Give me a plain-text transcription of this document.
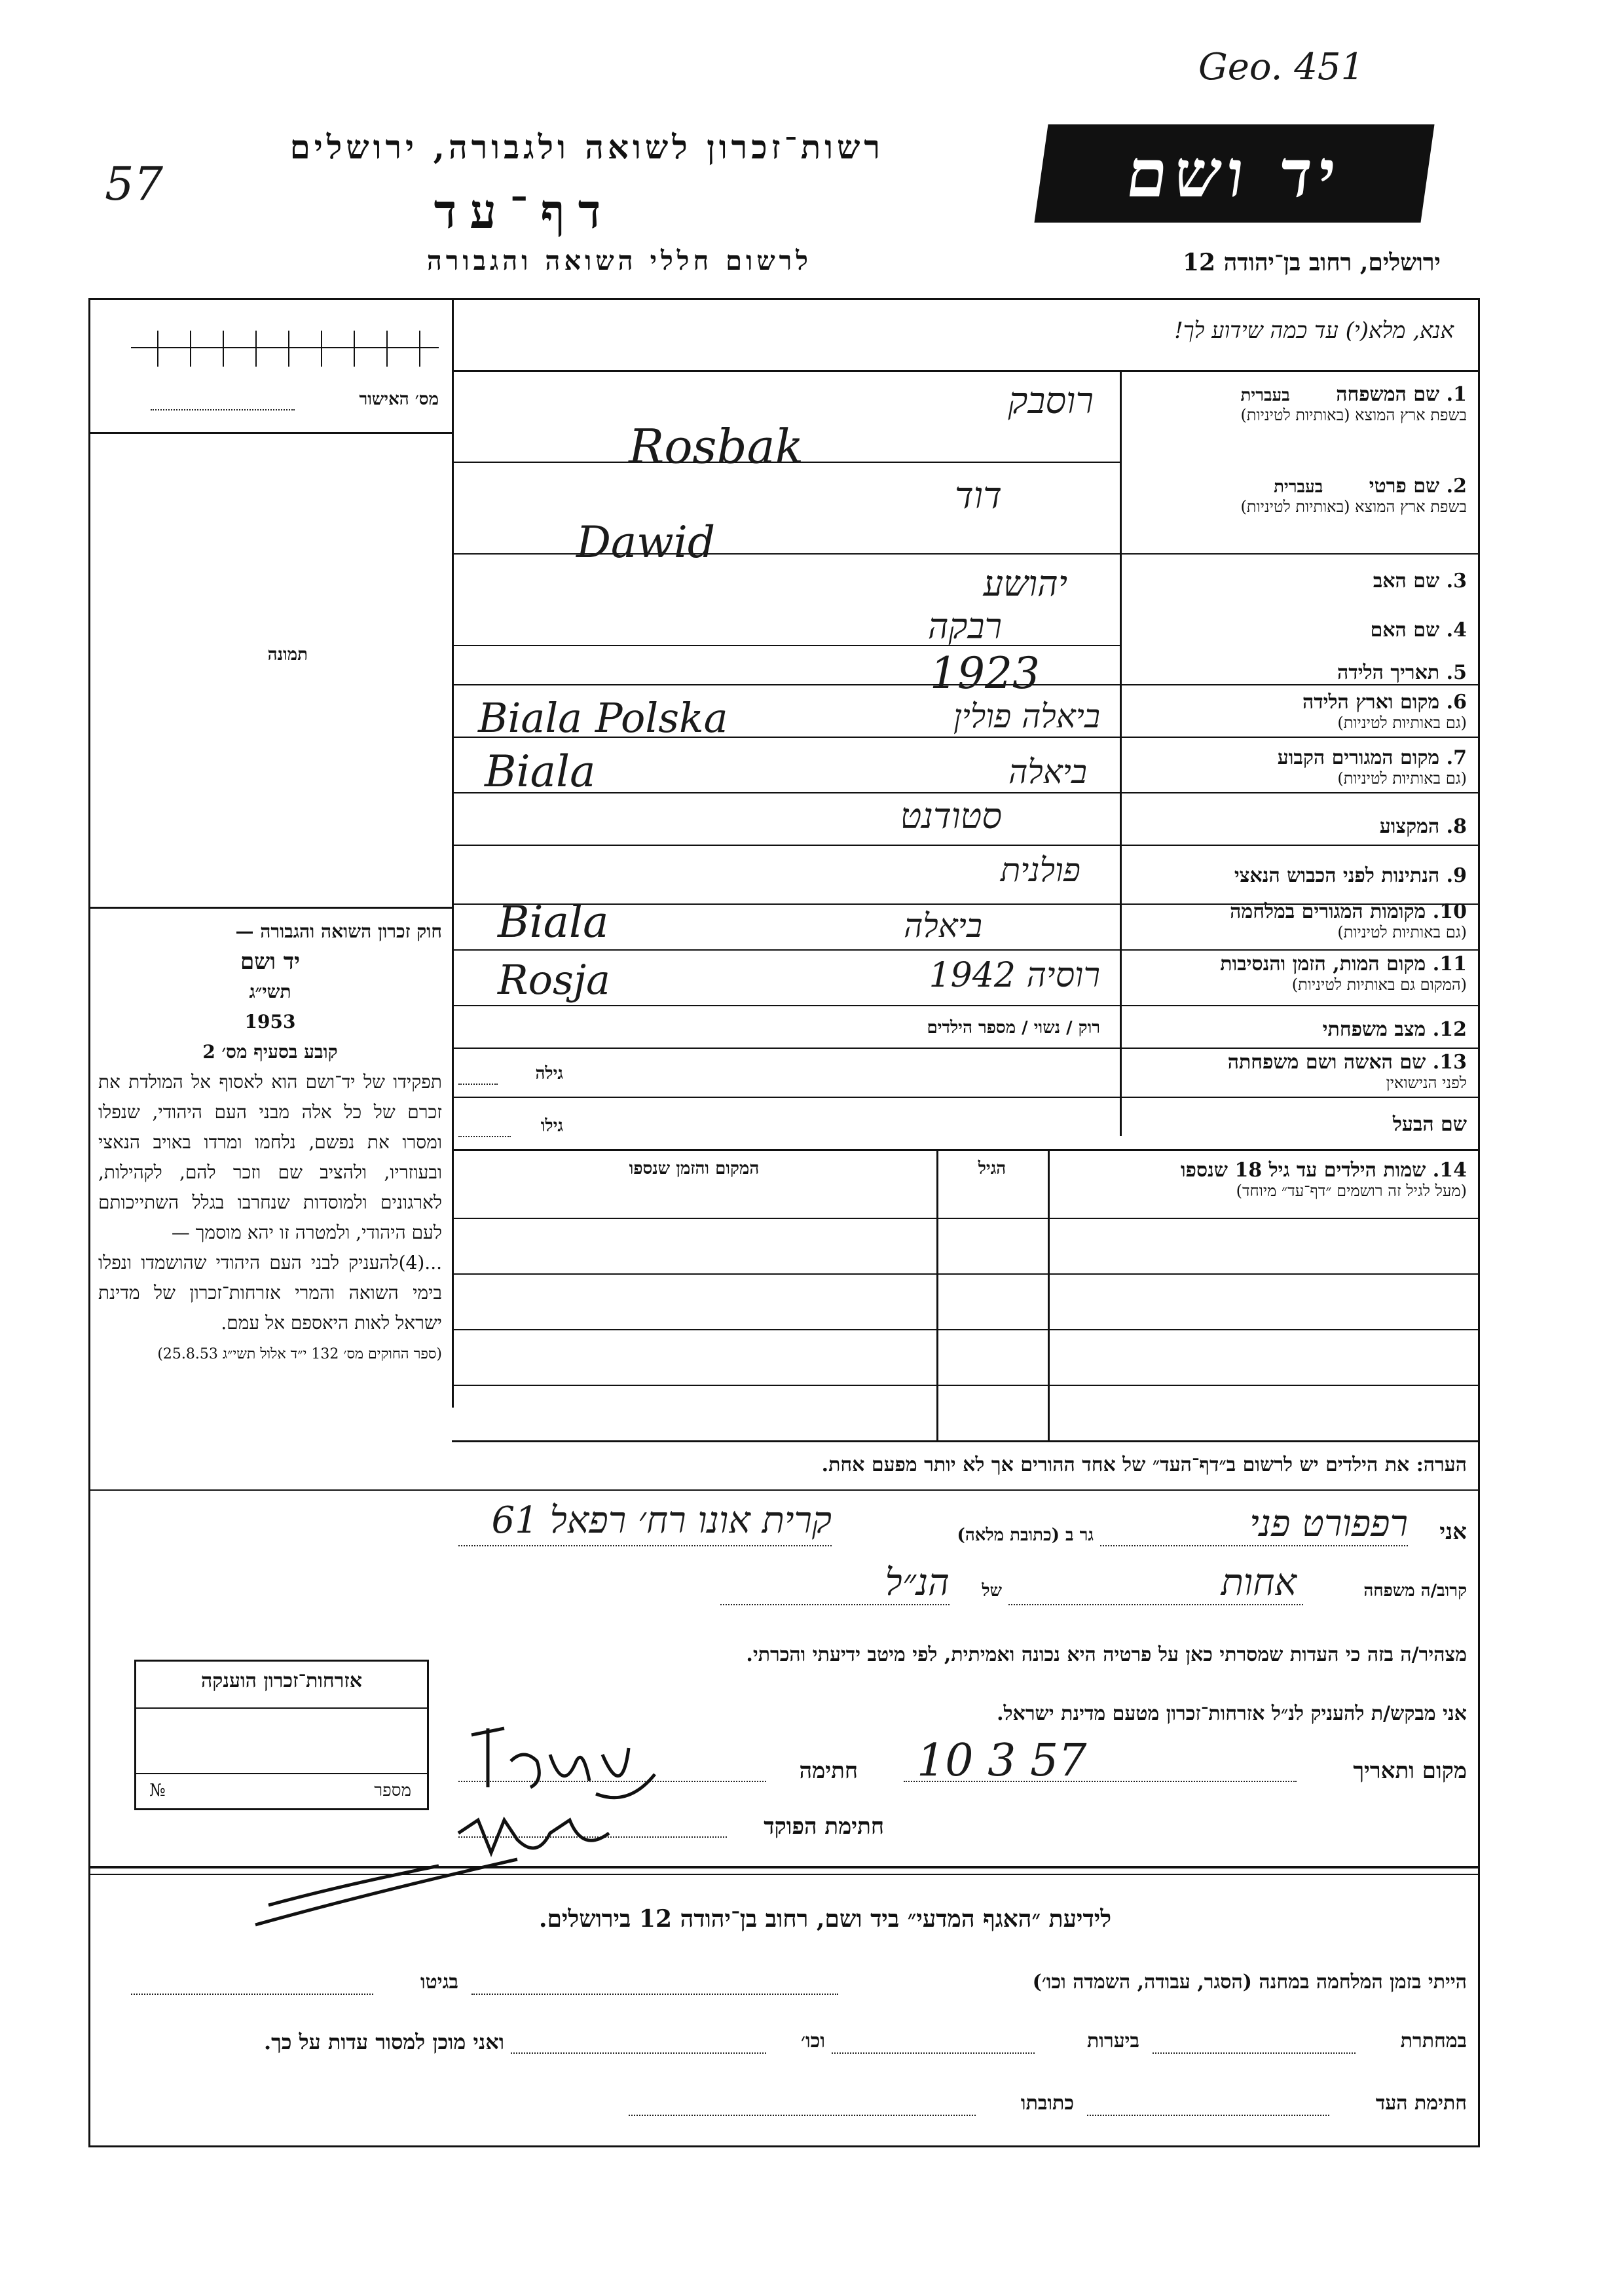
Geo. 451
57
רשות־זכרון לשואה ולגבורה, ירושלים
דף־עד
לרשום חללי השואה והגבורה
יד ושם
ירושלים, רחוב בן־יהודה 12
אנא, מלא(י) עד כמה שידוע לך!
מס׳ האישור
תמונה
1. שם המשפחה בעברית
בשפת ארץ המוצא (באותיות לטיניות)
רוסבק
Rosbak
2. שם פרטי בעברית
בשפת ארץ המוצא (באותיות לטיניות)
דוד
Dawid
3. שם האב
יהושע
4. שם האם
רבקה
5. תאריך הלידה
1923
6. מקום וארץ הלידה
(גם באותיות לטיניות)
ביאלה פולין
Biala Polska
7. מקום המגורים הקבוע
(גם באותיות לטיניות)
ביאלה
Biala
8. המקצוע
סטודנט
9. הנתינות לפני הכבוש הנאצי
פולנית
10. מקומות המגורים במלחמה
(גם באותיות לטיניות)
ביאלה
Biala
11. מקום המות, הזמן והנסיבות
(המקום גם באותיות לטיניות)
רוסיה 1942
Rosja
12. מצב משפחתי
רוק / נשוי / מספר הילדים
13. שם האשה ושם משפחתה
לפני הנישואין
גילה
שם הבעל
גילו
14. שמות הילדים עד גיל 18 שנספו
(מעל לגיל זה רושמים ״דף־עד״ מיוחד)
הגיל
המקום והזמן שנספו
חוק זכרון השואה והגבורה —
יד ושם
תשי״ג
1953
קובע בסעיף מס׳ 2
תפקידו של יד־ושם הוא לאסוף אל המולדת את זכרם של כל אלה מבני העם היהודי, שנפלו ומסרו את נפשם, נלחמו ומרדו באויב הנאצי ובעוזריו, ולהציב שם וזכר להם, לקהילות, לארגונים ולמוסדות שנחרבו בגלל השתייכותם לעם היהודי, ולמטרה זו יהא מוסמך —
...(4)להעניק לבני העם היהודי שהושמדו ונפלו בימי השואה והמרי אזרחות־זכרון של מדינת ישראל לאות היאספם אל עמם.
(ספר החוקים מס׳ 132 י״ד אלול תשי״ג 25.8.53)
הערה: את הילדים יש לרשום ב״דף־העד״ של אחד ההורים אך לא יותר מפעם אחת.
אני
רפפורט פני
גר ב (כתובת מלאה)
קרית אונו רח׳ רפאל 61
קרוב/ה משפחה
אחות
של
הנ״ל
מצהיר/ה בזה כי העדות שמסרתי כאן על פרטיה היא נכונה ואמיתית, לפי מיטב ידיעתי והכרתי.
אני מבקש/ת להעניק לנ״ל אזרחות־זכרון מטעם מדינת ישראל.
אזרחות־זכרון הוענקה
מספר
№
מקום ותאריך
10 3 57
חתימה
חתימת הפוקד
לידיעת ״האגף המדעי״ ביד ושם, רחוב בן־יהודה 12 בירושלים.
הייתי בזמן המלחמה במחנה (הסגר, עבודה, השמדה וכו׳)
בגיטו
במחתרת
ביערות
וכו׳
ואני מוכן למסור עדות על כך.
חתימת העד
כתובתו
